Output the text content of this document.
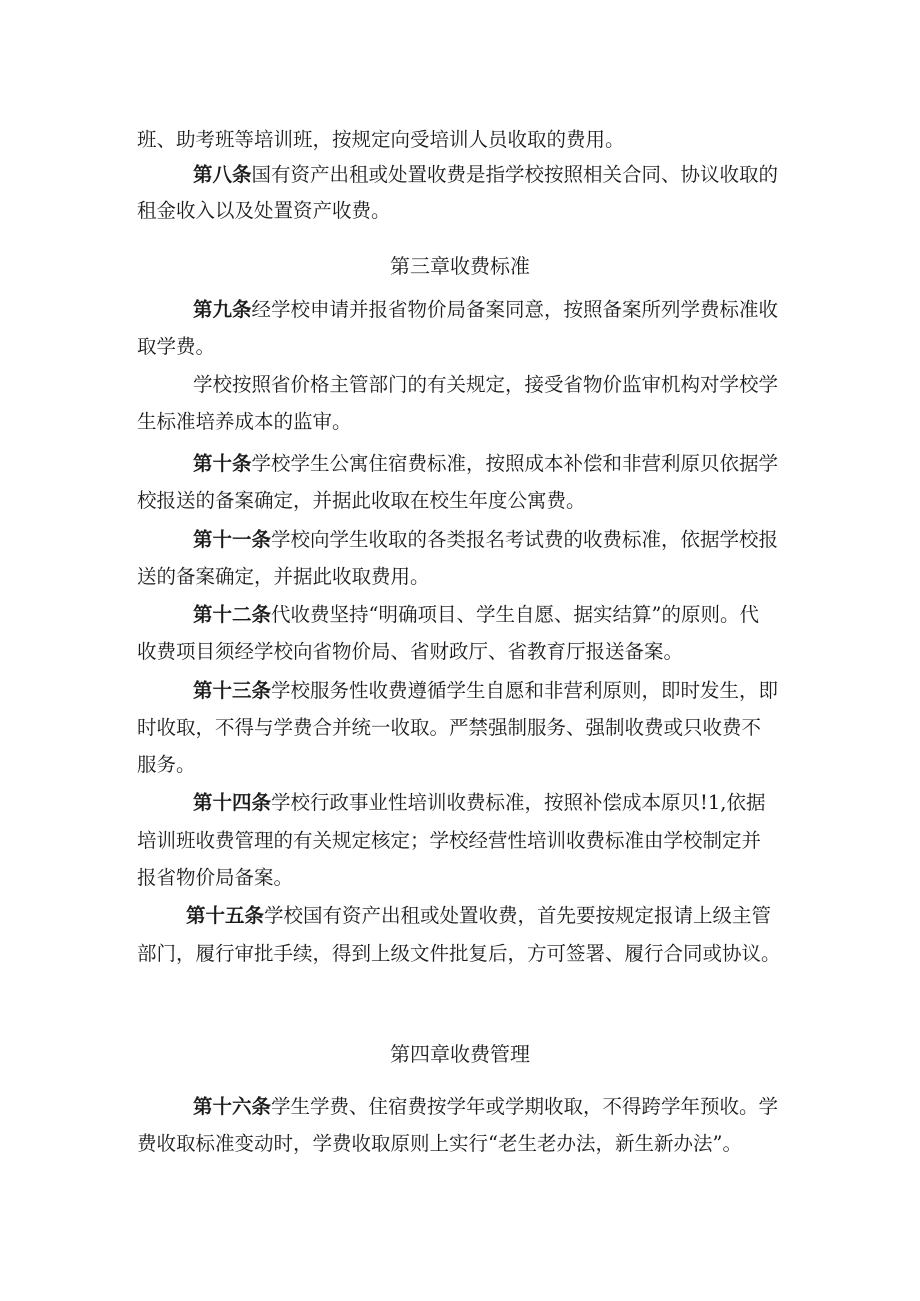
班、助考班等培训班，按规定向受培训人员收取的费用。
第八条国有资产出租或处置收费是指学校按照相关合同、协议收取的
租金收入以及处置资产收费。
第三章收费标准
第九条经学校申请并报省物价局备案同意，按照备案所列学费标准收
取学费。
学校按照省价格主管部门的有关规定，接受省物价监审机构对学校学
生标准培养成本的监审。
第十条学校学生公寓住宿费标准，按照成本补偿和非营利原贝依据学
校报送的备案确定，并据此收取在校生年度公寓费。
第十一条学校向学生收取的各类报名考试费的收费标准，依据学校报
送的备案确定，并据此收取费用。
第十二条代收费坚持“明确项目、学生自愿、据实结算”的原则。代
收费项目须经学校向省物价局、省财政厅、省教育厅报送备案。
第十三条学校服务性收费遵循学生自愿和非营利原则，即时发生，即
时收取，不得与学费合并统一收取。严禁强制服务、强制收费或只收费不
服务。
第十四条学校行政事业性培训收费标准，按照补偿成本原贝!1,依据
培训班收费管理的有关规定核定；学校经营性培训收费标准由学校制定并
报省物价局备案。
第十五条学校国有资产出租或处置收费，首先要按规定报请上级主管
部门，履行审批手续，得到上级文件批复后，方可签署、履行合同或协议。
第四章收费管理
第十六条学生学费、住宿费按学年或学期收取，不得跨学年预收。学
费收取标准变动时，学费收取原则上实行“老生老办法，新生新办法”。
